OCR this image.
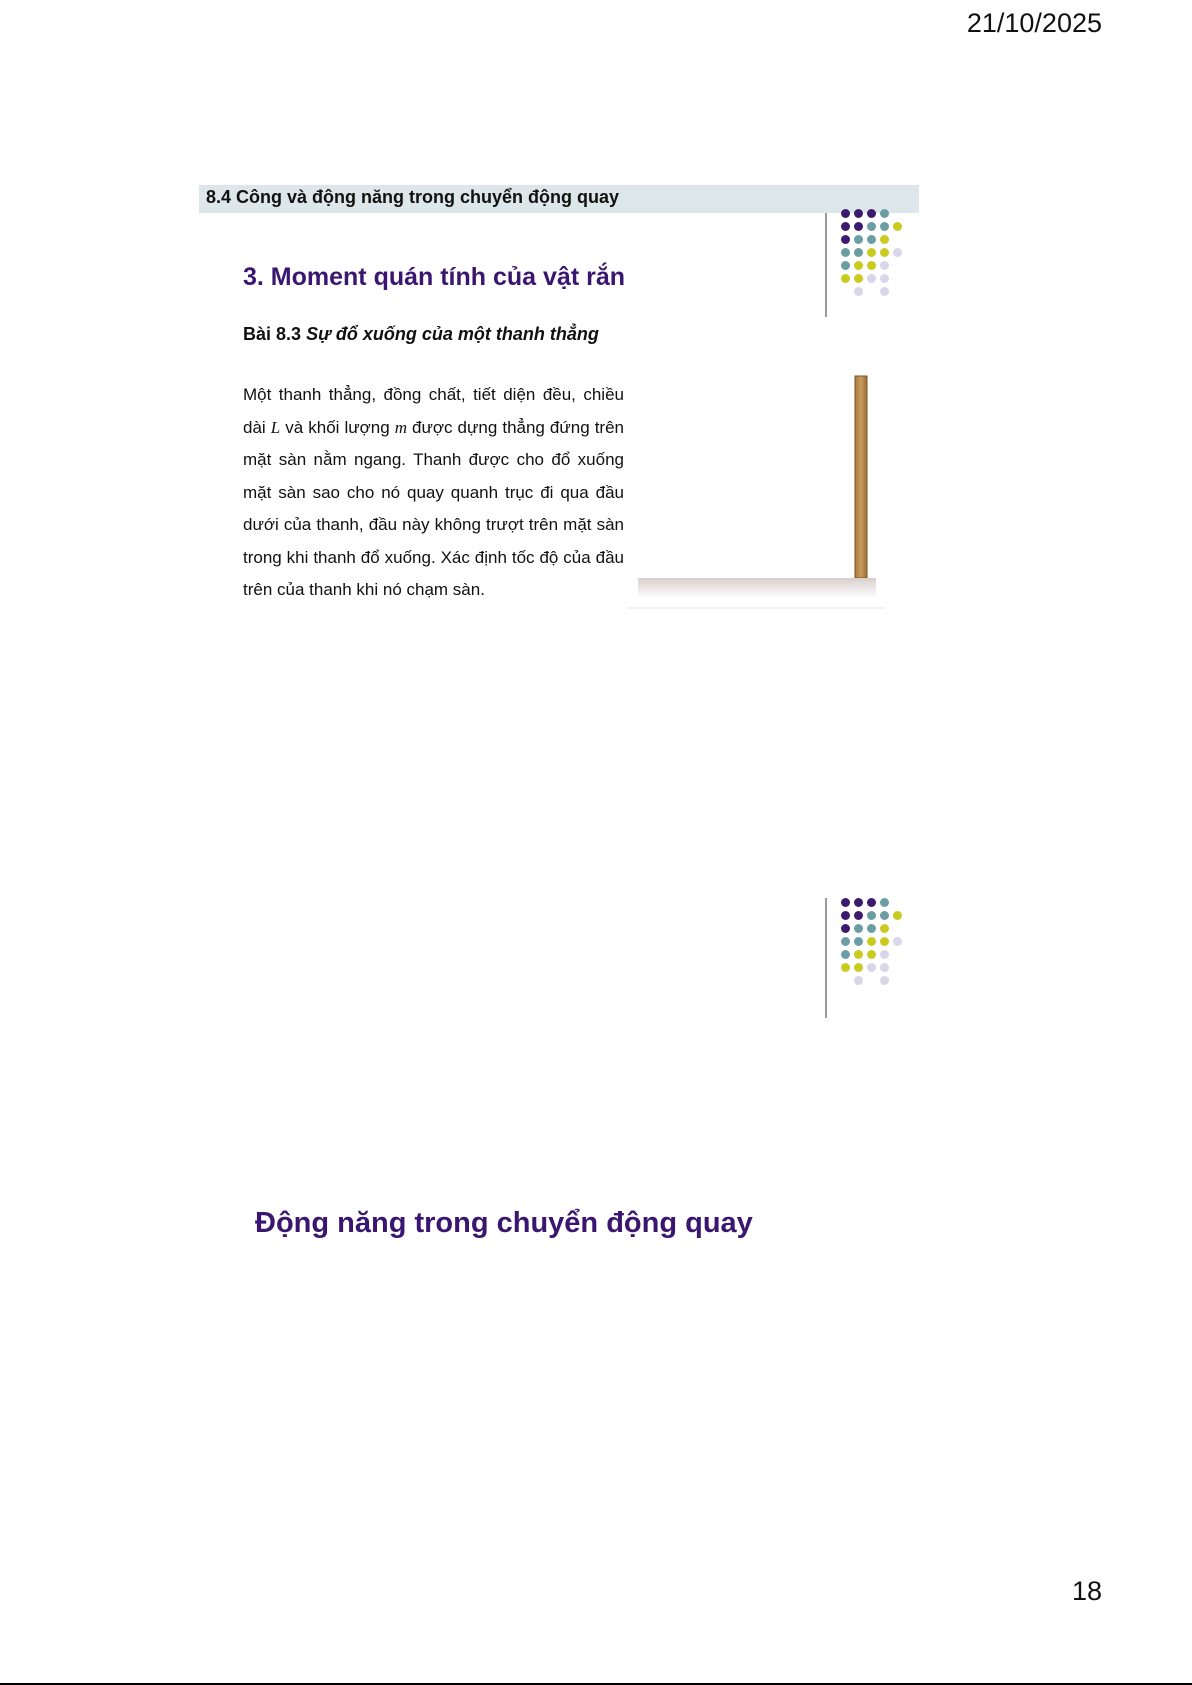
21/10/2025
8.4 Công và động năng trong chuyển động quay
3. Moment quán tính của vật rắn
Bài 8.3 Sự đổ xuống của một thanh thẳng
Một thanh thẳng, đồng chất, tiết diện đều, chiều dài L và khối lượng m được dựng thẳng đứng trên mặt sàn nằm ngang. Thanh được cho đổ xuống mặt sàn sao cho nó quay quanh trục đi qua đầu dưới của thanh, đầu này không trượt trên mặt sàn trong khi thanh đổ xuống. Xác định tốc độ của đầu trên của thanh khi nó chạm sàn.
Động năng trong chuyển động quay
18
